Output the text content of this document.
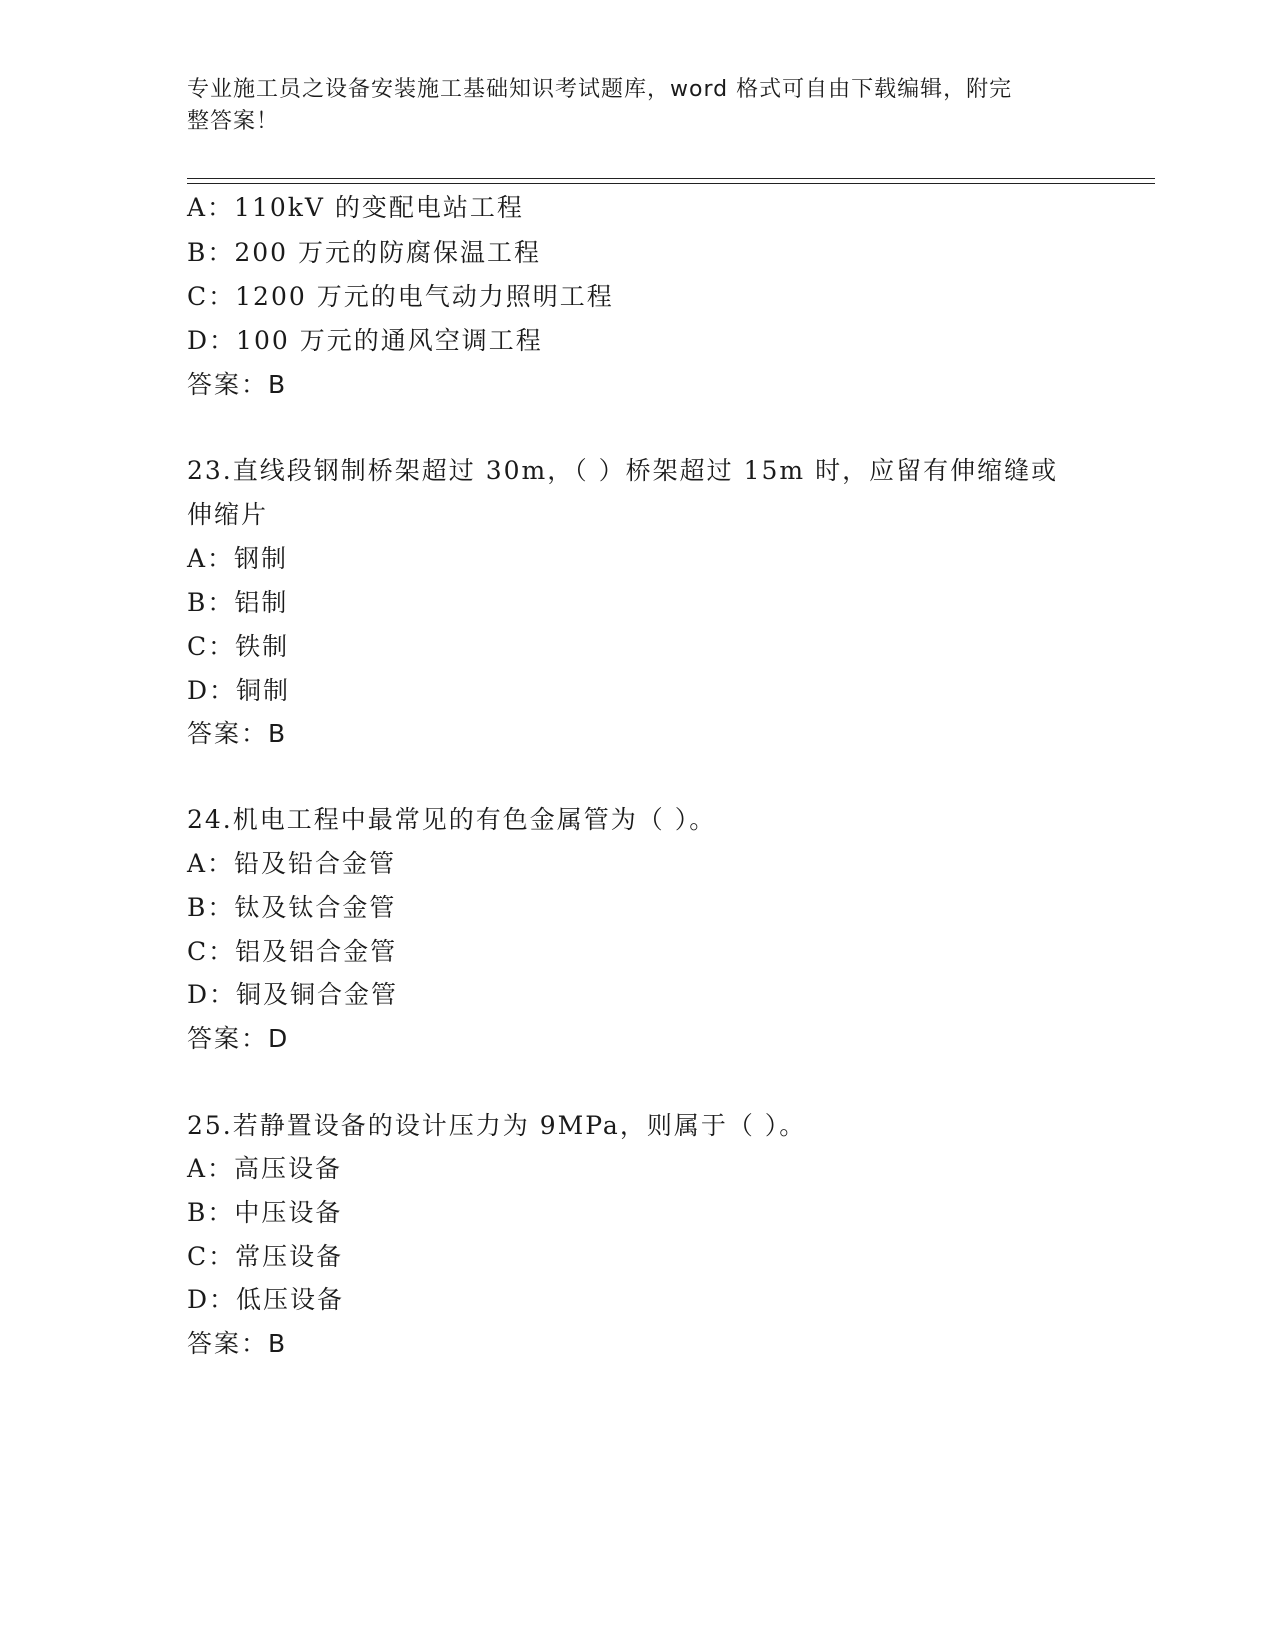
专业施工员之设备安装施工基础知识考试题库，word 格式可自由下载编辑，附完
整答案！
A：110kV 的变配电站工程
B：200 万元的防腐保温工程
C：1200 万元的电气动力照明工程
D：100 万元的通风空调工程
答案：B
23.直线段钢制桥架超过 30m，（ ）桥架超过 15m 时，应留有伸缩缝或
伸缩片
A：钢制
B：铝制
C：铁制
D：铜制
答案：B
24.机电工程中最常见的有色金属管为（ ）。
A：铅及铅合金管
B：钛及钛合金管
C：铝及铝合金管
D：铜及铜合金管
答案：D
25.若静置设备的设计压力为 9MPa，则属于（ ）。
A：高压设备
B：中压设备
C：常压设备
D：低压设备
答案：B
